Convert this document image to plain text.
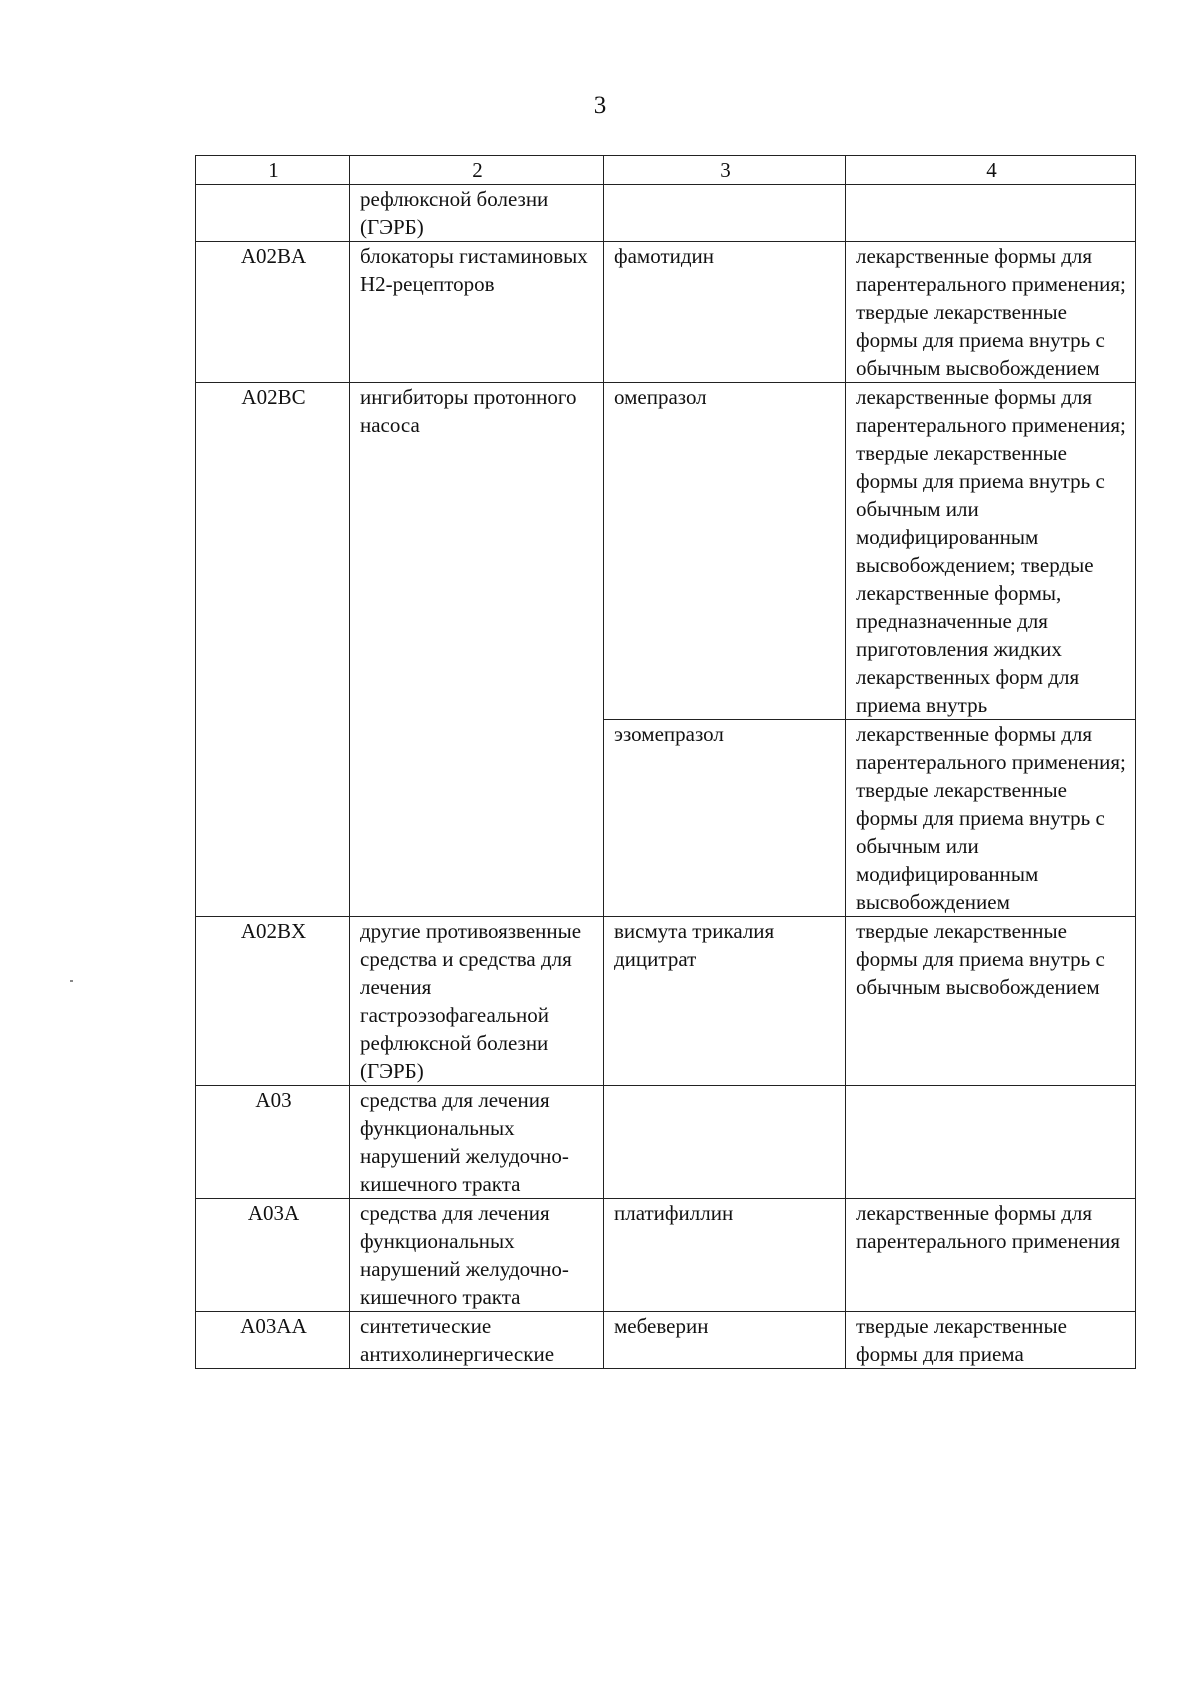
3
1	2	3	4
	рефлюксной болезни (ГЭРБ)		
A02BA	блокаторы гистаминовых H2-рецепторов	фамотидин	лекарственные формы для парентерального применения; твердые лекарственные формы для приема внутрь с обычным высвобождением
A02BC	ингибиторы протонного насоса	омепразол	лекарственные формы для парентерального применения; твердые лекарственные формы для приема внутрь с обычным или модифицированным высвобождением; твердые лекарственные формы, предназначенные для приготовления жидких лекарственных форм для приема внутрь
		эзомепразол	лекарственные формы для парентерального применения; твердые лекарственные формы для приема внутрь с обычным или модифицированным высвобождением
A02BX	другие противоязвенные средства и средства для лечения гастроэзофагеальной рефлюксной болезни (ГЭРБ)	висмута трикалия дицитрат	твердые лекарственные формы для приема внутрь с обычным высвобождением
A03	средства для лечения функциональных нарушений желудочно-кишечного тракта		
A03A	средства для лечения функциональных нарушений желудочно-кишечного тракта	платифиллин	лекарственные формы для парентерального применения
A03AA	синтетические антихолинергические	мебеверин	твердые лекарственные формы для приема
